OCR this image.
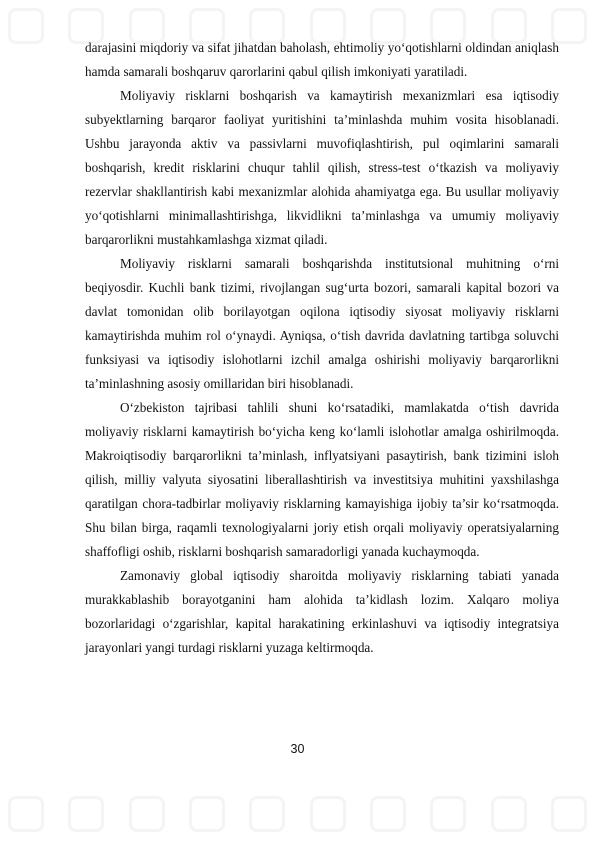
darajasini miqdoriy va sifat jihatdan baholash, ehtimoliy yo‘qotishlarni oldindan aniqlash hamda samarali boshqaruv qarorlarini qabul qilish imkoniyati yaratiladi.

Moliyaviy risklarni boshqarish va kamaytirish mexanizmlari esa iqtisodiy subyektlarning barqaror faoliyat yuritishini ta’minlashda muhim vosita hisoblanadi. Ushbu jarayonda aktiv va passivlarni muvofiqlashtirish, pul oqimlarini samarali boshqarish, kredit risklarini chuqur tahlil qilish, stress-test o‘tkazish va moliyaviy rezervlar shakllantirish kabi mexanizmlar alohida ahamiyatga ega. Bu usullar moliyaviy yo‘qotishlarni minimallashtirishga, likvidlikni ta’minlashga va umumiy moliyaviy barqarorlikni mustahkamlashga xizmat qiladi.

Moliyaviy risklarni samarali boshqarishda institutsional muhitning o‘rni beqiyosdir. Kuchli bank tizimi, rivojlangan sug‘urta bozori, samarali kapital bozori va davlat tomonidan olib borilayotgan oqilona iqtisodiy siyosat moliyaviy risklarni kamaytirishda muhim rol o‘ynaydi. Ayniqsa, o‘tish davrida davlatning tartibga soluvchi funksiyasi va iqtisodiy islohotlarni izchil amalga oshirishi moliyaviy barqarorlikni ta’minlashning asosiy omillaridan biri hisoblanadi.

O‘zbekiston tajribasi tahlili shuni ko‘rsatadiki, mamlakatda o‘tish davrida moliyaviy risklarni kamaytirish bo‘yicha keng ko‘lamli islohotlar amalga oshirilmoqda. Makroiqtisodiy barqarorlikni ta’minlash, inflyatsiyani pasaytirish, bank tizimini isloh qilish, milliy valyuta siyosatini liberallashtirish va investitsiya muhitini yaxshilashga qaratilgan chora-tadbirlar moliyaviy risklarning kamayishiga ijobiy ta’sir ko‘rsatmoqda. Shu bilan birga, raqamli texnologiyalarni joriy etish orqali moliyaviy operatsiyalarning shaffofligi oshib, risklarni boshqarish samaradorligi yanada kuchaymoqda.

Zamonaviy global iqtisodiy sharoitda moliyaviy risklarning tabiati yanada murakkablashib borayotganini ham alohida ta’kidlash lozim. Xalqaro moliya bozorlaridagi o‘zgarishlar, kapital harakatining erkinlashuvi va iqtisodiy integratsiya jarayonlari yangi turdagi risklarni yuzaga keltirmoqda.

30
